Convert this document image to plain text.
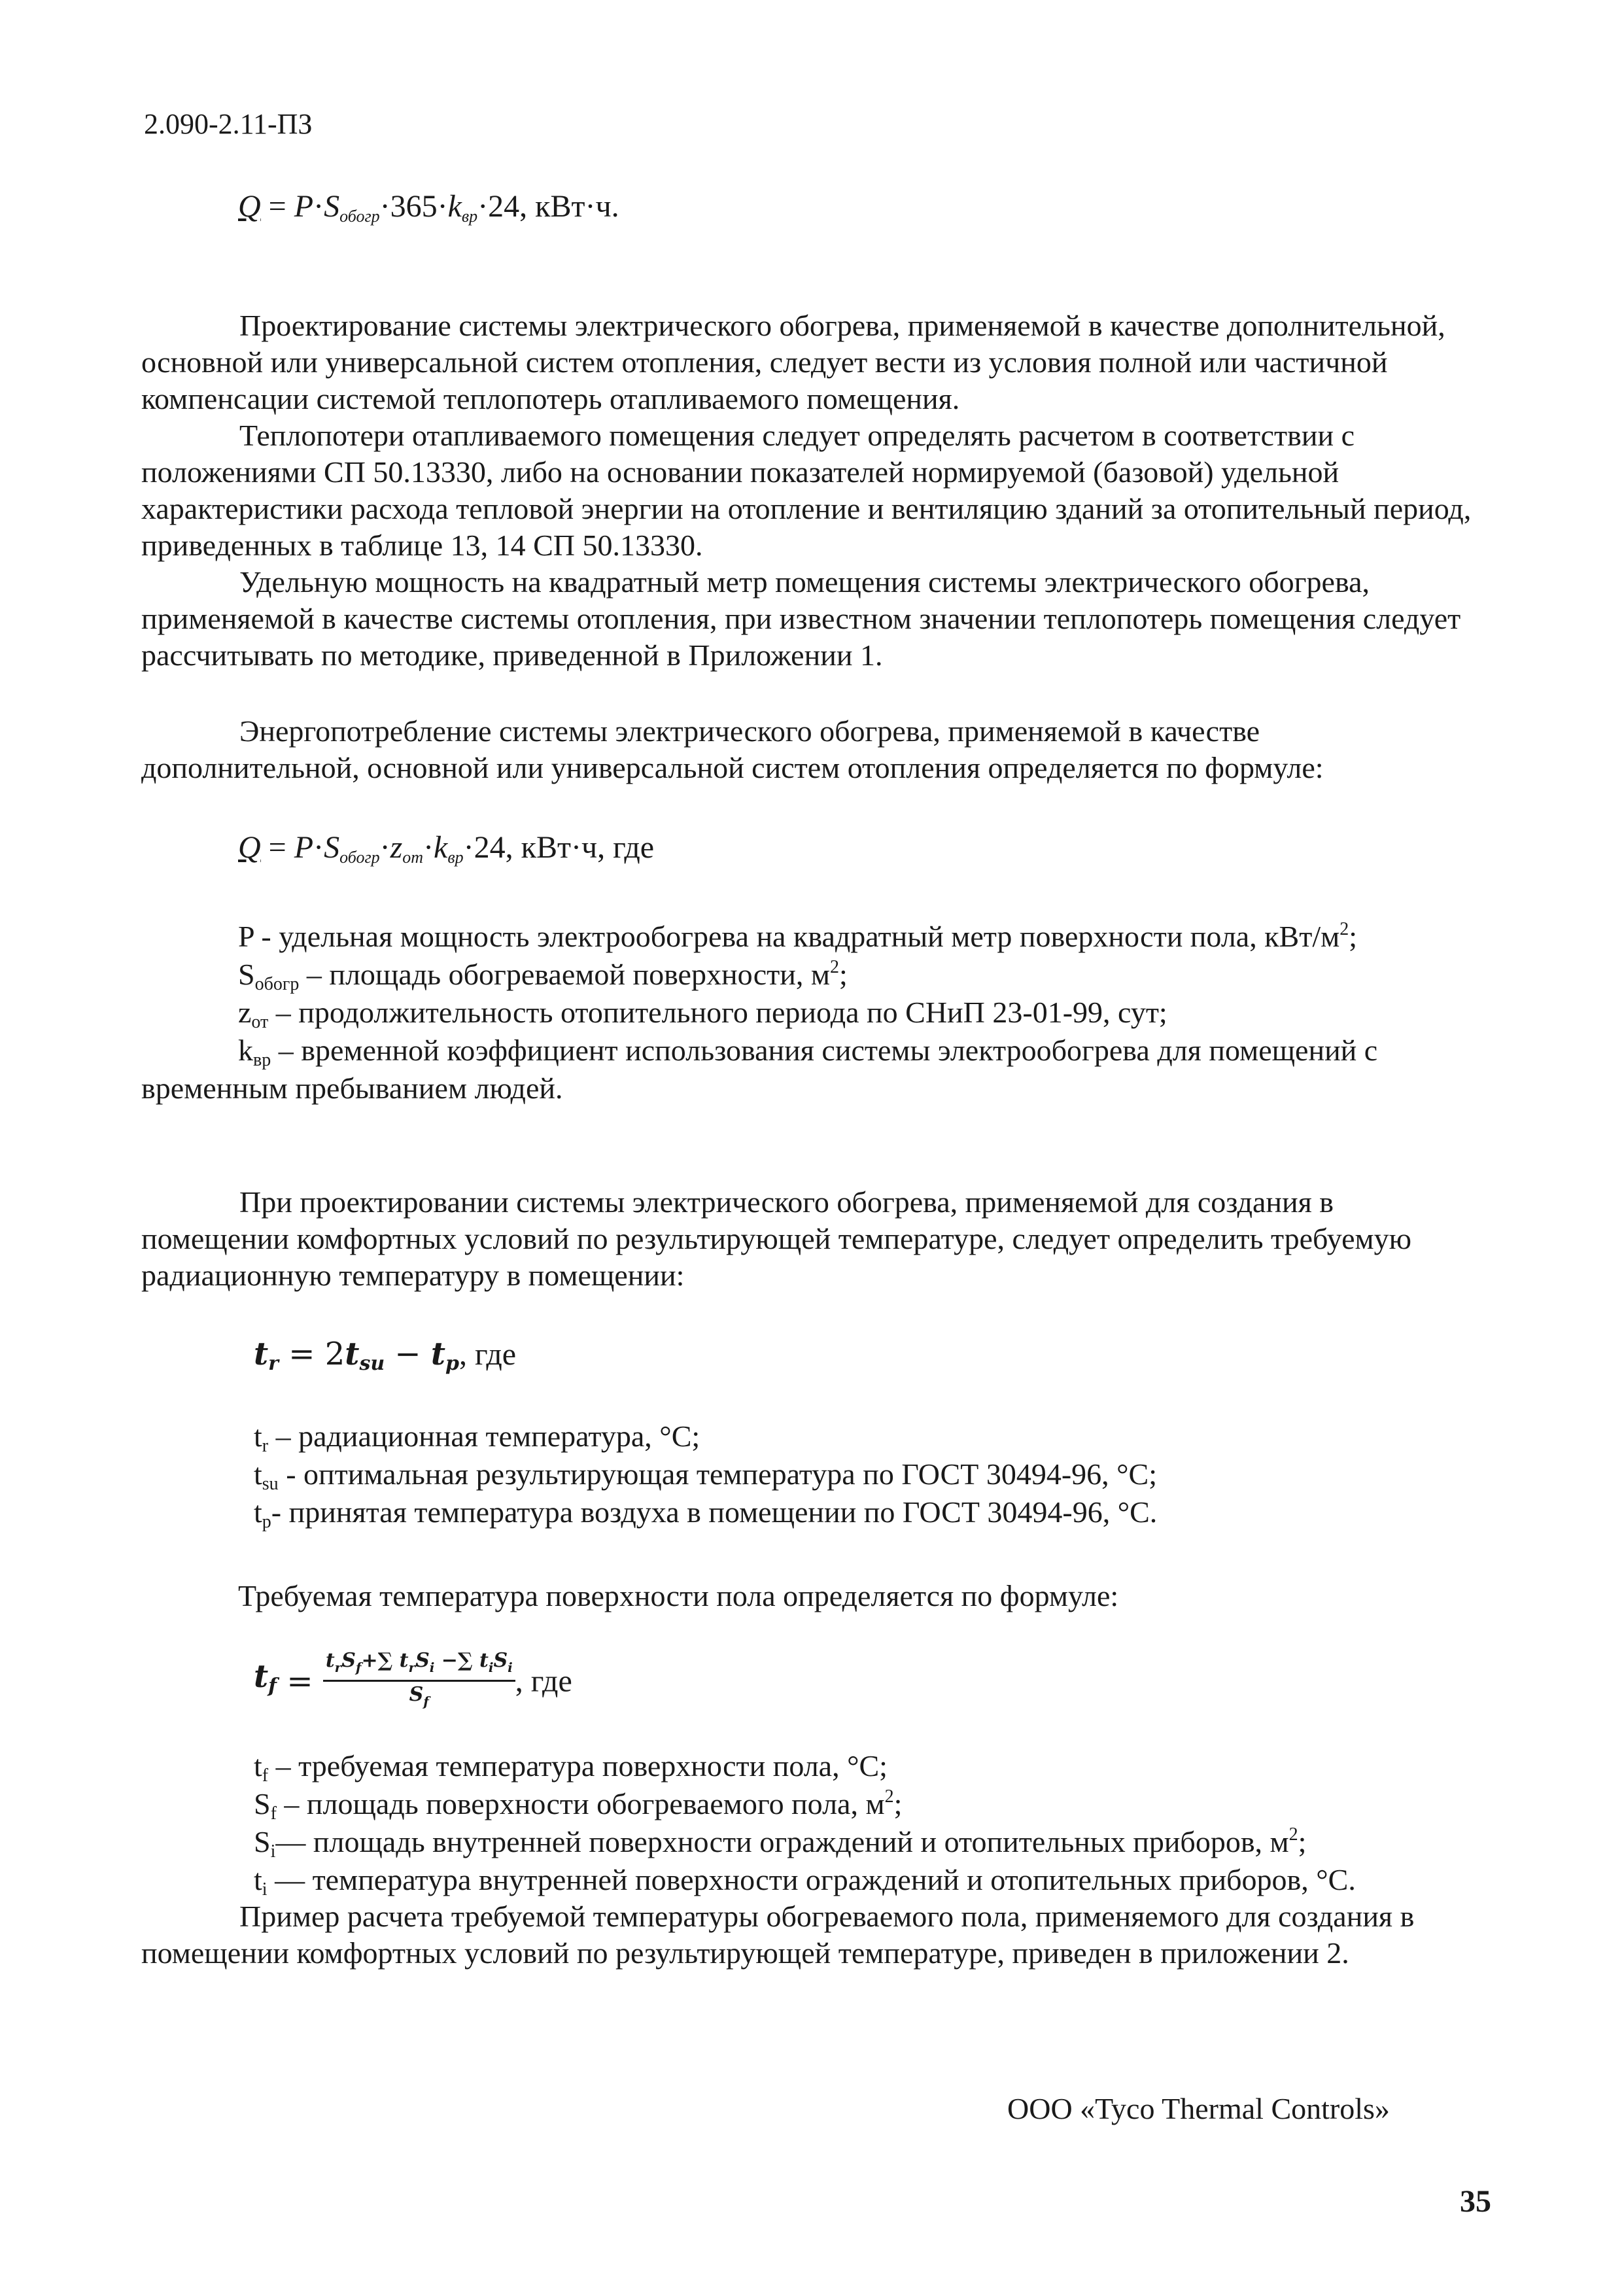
2.090-2.11-ПЗ
$Q = P\cdot S_{обогр}\cdot 365\cdot k_{вр}\cdot 24$, кВт·ч.
Проектирование системы электрического обогрева, применяемой в качестве дополнительной, основной или универсальной систем отопления, следует вести из условия полной или частичной компенсации системой теплопотерь отапливаемого помещения.
Теплопотери отапливаемого помещения следует определять расчетом в соответствии с положениями СП 50.13330, либо на основании показателей нормируемой (базовой) удельной характеристики расхода тепловой энергии на отопление и вентиляцию зданий за отопительный период, приведенных в таблице 13, 14 СП 50.13330.
Удельную мощность на квадратный метр помещения системы электрического обогрева, применяемой в качестве системы отопления, при известном значении теплопотерь помещения следует рассчитывать по методике, приведенной в Приложении 1.
Энергопотребление системы электрического обогрева, применяемой в качестве дополнительной, основной или универсальной систем отопления определяется по формуле:
$Q = P\cdot S_{обогр}\cdot z_{от}\cdot k_{вр}\cdot 24$, кВт·ч, где
P - удельная мощность электрообогрева на квадратный метр поверхности пола, кВт/$м^2$;
$S_{обогр}$ – площадь обогреваемой поверхности, $м^2$;
$z_{от}$ – продолжительность отопительного периода по СНиП 23-01-99, сут;
$k_{вр}$ – временной коэффициент использования системы электрообогрева для помещений с
временным пребыванием людей.
При проектировании системы электрического обогрева, применяемой для создания в помещении комфортных условий по результирующей температуре, следует определить требуемую радиационную температуру в помещении:
$t_r = 2t_{su} - t_p$, где
$t_r$ – радиационная температура, °С;
$t_{su}$ - оптимальная результирующая температура по ГОСТ 30494-96, °С;
$t_p-$ принятая температура воздуха в помещении по ГОСТ 30494-96, °С.
Требуемая температура поверхности пола определяется по формуле:
$t_f = \frac{t_rS_f+\sum t_rS_i -\sum t_iS_i}{S_f}$ , где
$t_f$ – требуемая температура поверхности пола, °С;
$S_f$ – площадь поверхности обогреваемого пола, $м^2$;
$S_i—$ площадь внутренней поверхности ограждений и отопительных приборов, $м^2$;
$t_i$ — температура внутренней поверхности ограждений и отопительных приборов, °С.
Пример расчета требуемой температуры обогреваемого пола, применяемого для создания в помещении комфортных условий по результирующей температуре, приведен в приложении 2.
ООО «Tyco Thermal Controls»
35
